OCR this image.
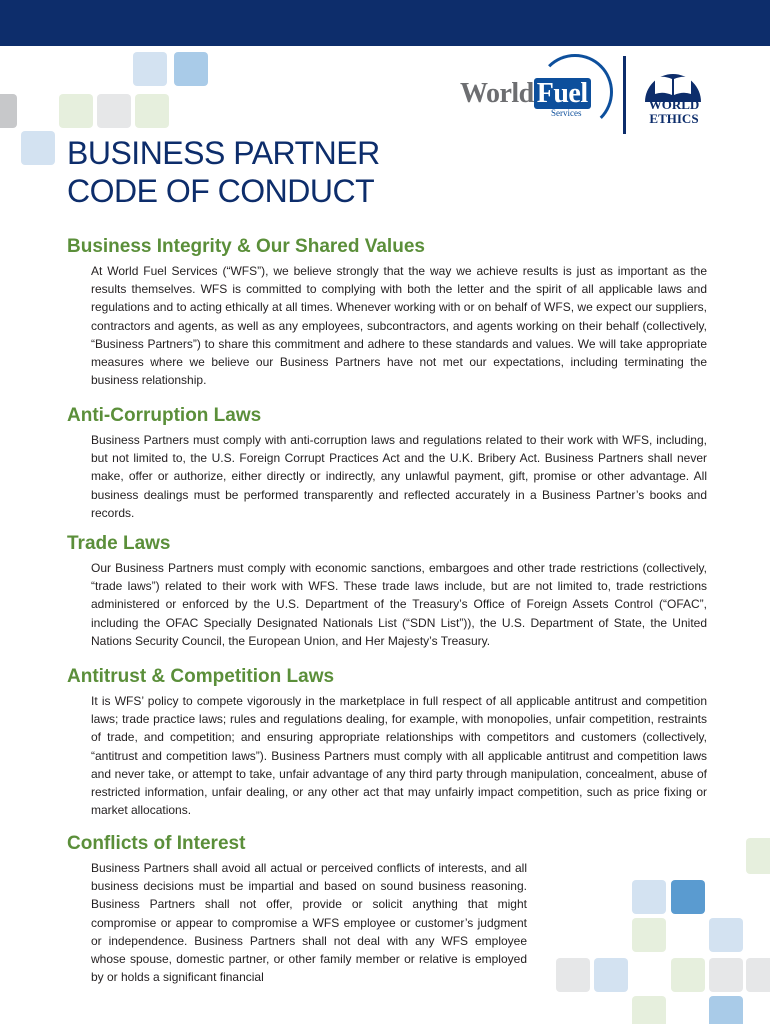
World Fuel
Services
WORLD
ETHICS
BUSINESS PARTNER
CODE OF CONDUCT
Business Integrity & Our Shared Values

At World Fuel Services (“WFS”), we believe strongly that the way we achieve results is just as important as the results themselves. WFS is committed to complying with both the letter and the spirit of all applicable laws and regulations and to acting ethically at all times. Whenever working with or on behalf of WFS, we expect our suppliers, contractors and agents, as well as any employees, subcontractors, and agents working on their behalf (collectively, “Business Partners”) to share this commitment and adhere to these standards and values. We will take appropriate measures where we believe our Business Partners have not met our expectations, including terminating the business relationship.

Anti-Corruption Laws

Business Partners must comply with anti-corruption laws and regulations related to their work with WFS, including, but not limited to, the U.S. Foreign Corrupt Practices Act and the U.K. Bribery Act. Business Partners shall never make, offer or authorize, either directly or indirectly, any unlawful payment, gift, promise or other advantage. All business dealings must be performed transparently and reflected accurately in a Business Partner’s books and records.

Trade Laws

Our Business Partners must comply with economic sanctions, embargoes and other trade restrictions (collectively, “trade laws”) related to their work with WFS. These trade laws include, but are not limited to, trade restrictions administered or enforced by the U.S. Department of the Treasury’s Office of Foreign Assets Control (“OFAC”, including the OFAC Specially Designated Nationals List (“SDN List”)), the U.S. Department of State, the United Nations Security Council, the European Union, and Her Majesty’s Treasury.

Antitrust & Competition Laws

It is WFS’ policy to compete vigorously in the marketplace in full respect of all applicable antitrust and competition laws; trade practice laws; rules and regulations dealing, for example, with monopolies, unfair competition, restraints of trade, and competition; and ensuring appropriate relationships with competitors and customers (collectively, “antitrust and competition laws”). Business Partners must comply with all applicable antitrust and competition laws and never take, or attempt to take, unfair advantage of any third party through manipulation, concealment, abuse of restricted information, unfair dealing, or any other act that may unfairly impact competition, such as price fixing or market allocations.

Conflicts of Interest

Business Partners shall avoid all actual or perceived conflicts of interests, and all business decisions must be impartial and based on sound business reasoning. Business Partners shall not offer, provide or solicit anything that might compromise or appear to compromise a WFS employee or customer’s judgment or independence. Business Partners shall not deal with any WFS employee whose spouse, domestic partner, or other family member or relative is employed by or holds a significant financial
